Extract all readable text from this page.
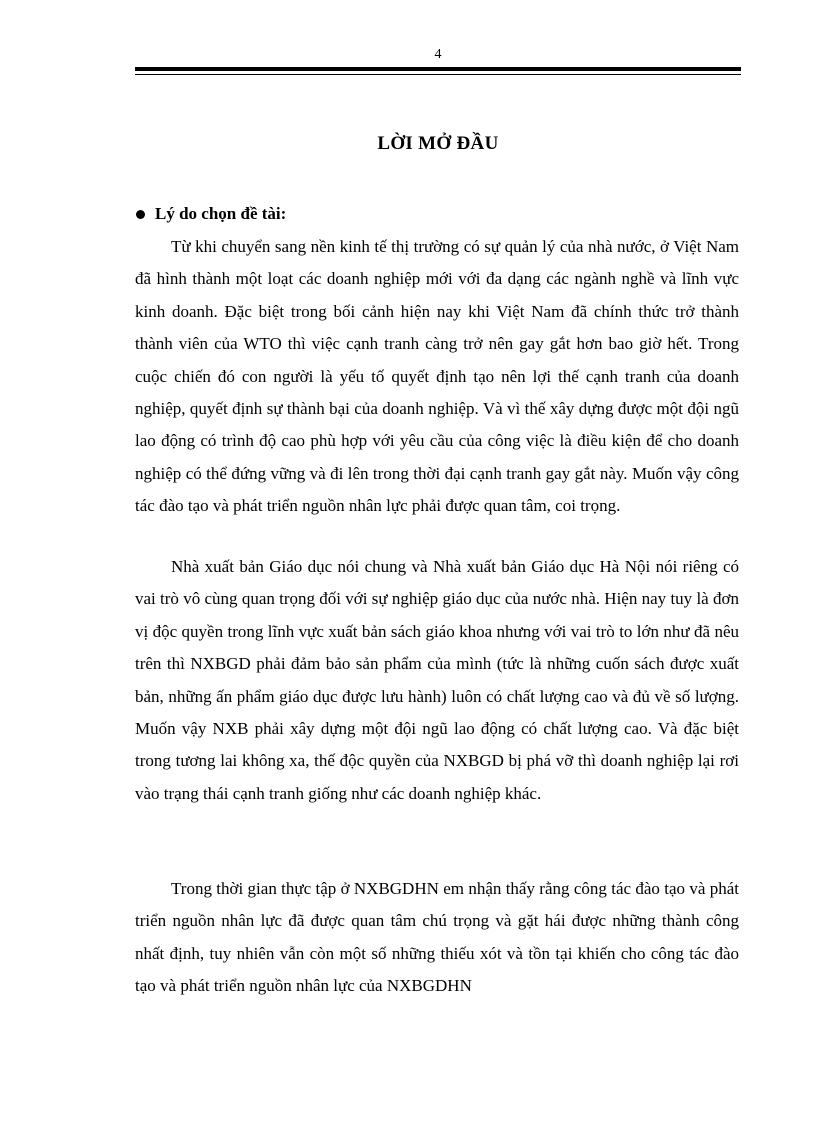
4
LỜI MỞ ĐẦU
Lý do chọn đề tài:

Từ khi chuyển sang nền kinh tế thị trường có sự quản lý của nhà nước, ở Việt Nam đã hình thành một loạt các doanh nghiệp mới với đa dạng các ngành nghề và lĩnh vực kinh doanh. Đặc biệt trong bối cảnh hiện nay khi Việt Nam đã chính thức trở thành thành viên của WTO thì việc cạnh tranh càng trở nên gay gắt hơn bao giờ hết. Trong cuộc chiến đó con người là yếu tố quyết định tạo nên lợi thế cạnh tranh của doanh nghiệp, quyết định sự thành bại của doanh nghiệp. Và vì thế xây dựng được một đội ngũ lao động có trình độ cao phù hợp với yêu cầu của công việc là điều kiện để cho doanh nghiệp có thể đứng vững và đi lên trong thời đại cạnh tranh gay gắt này. Muốn vậy công tác đào tạo và phát triển nguồn nhân lực phải được quan tâm, coi trọng.

Nhà xuất bản Giáo dục nói chung và Nhà xuất bản Giáo dục Hà Nội nói riêng có vai trò vô cùng quan trọng đối với sự nghiệp giáo dục của nước nhà. Hiện nay tuy là đơn vị độc quyền trong lĩnh vực xuất bản sách giáo khoa nhưng với vai trò to lớn như đã nêu trên thì NXBGD phải đảm bảo sản phẩm của mình (tức là những cuốn sách được xuất bản, những ấn phẩm giáo dục được lưu hành) luôn có chất lượng cao và đủ về số lượng. Muốn vậy NXB phải xây dựng một đội ngũ lao động có chất lượng cao. Và đặc biệt trong tương lai không xa, thế độc quyền của NXBGD bị phá vỡ thì doanh nghiệp lại rơi vào trạng thái cạnh tranh giống như các doanh nghiệp khác.

Trong thời gian thực tập ở NXBGDHN em nhận thấy rằng công tác đào tạo và phát triển nguồn nhân lực đã được quan tâm chú trọng và gặt hái được những thành công nhất định, tuy nhiên vẫn còn một số những thiếu xót và tồn tại khiến cho công tác đào tạo và phát triển nguồn nhân lực của NXBGDHN
